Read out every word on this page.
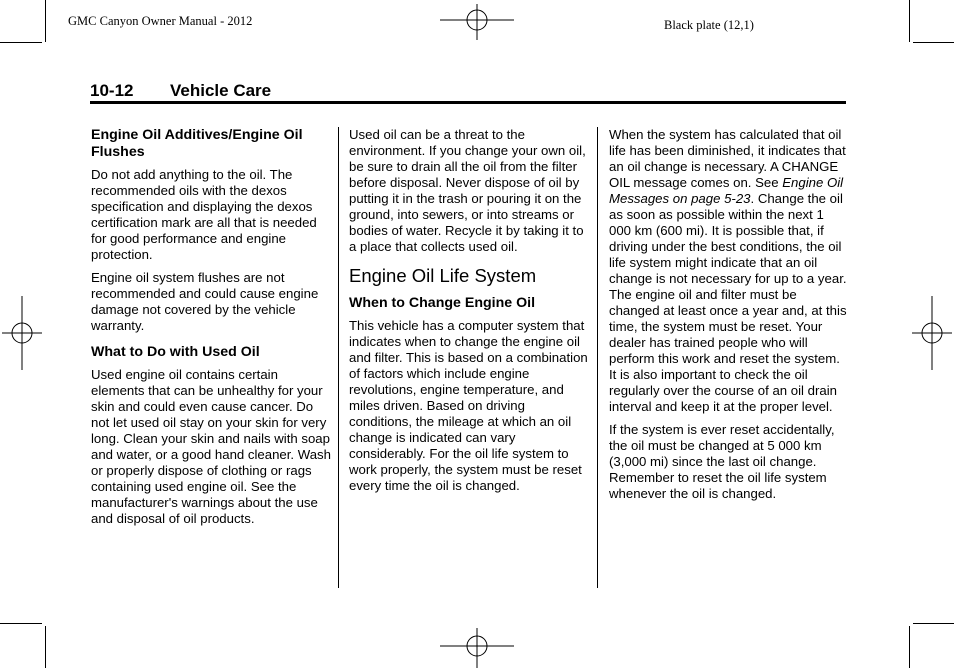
GMC Canyon Owner Manual - 2012	Black plate (12,1)
10-12 Vehicle Care
Engine Oil Additives/Engine Oil Flushes

Do not add anything to the oil. The recommended oils with the dexos specification and displaying the dexos certification mark are all that is needed for good performance and engine protection.

Engine oil system flushes are not recommended and could cause engine damage not covered by the vehicle warranty.

What to Do with Used Oil

Used engine oil contains certain elements that can be unhealthy for your skin and could even cause cancer. Do not let used oil stay on your skin for very long. Clean your skin and nails with soap and water, or a good hand cleaner. Wash or properly dispose of clothing or rags containing used engine oil. See the manufacturer's warnings about the use and disposal of oil products.

Used oil can be a threat to the environment. If you change your own oil, be sure to drain all the oil from the filter before disposal. Never dispose of oil by putting it in the trash or pouring it on the ground, into sewers, or into streams or bodies of water. Recycle it by taking it to a place that collects used oil.

Engine Oil Life System
When to Change Engine Oil

This vehicle has a computer system that indicates when to change the engine oil and filter. This is based on a combination of factors which include engine revolutions, engine temperature, and miles driven. Based on driving conditions, the mileage at which an oil change is indicated can vary considerably. For the oil life system to work properly, the system must be reset every time the oil is changed.

When the system has calculated that oil life has been diminished, it indicates that an oil change is necessary. A CHANGE OIL message comes on. See Engine Oil Messages on page 5-23. Change the oil as soon as possible within the next 1 000 km (600 mi). It is possible that, if driving under the best conditions, the oil life system might indicate that an oil change is not necessary for up to a year. The engine oil and filter must be changed at least once a year and, at this time, the system must be reset. Your dealer has trained people who will perform this work and reset the system. It is also important to check the oil regularly over the course of an oil drain interval and keep it at the proper level.

If the system is ever reset accidentally, the oil must be changed at 5 000 km (3,000 mi) since the last oil change. Remember to reset the oil life system whenever the oil is changed.
